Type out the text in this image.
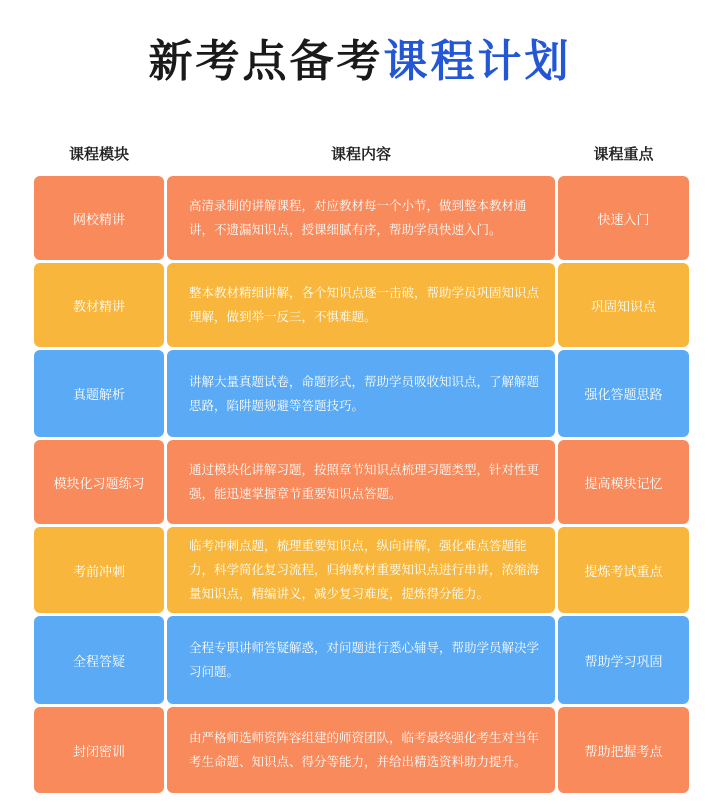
新考点备考课程计划
课程模块	课程内容	课程重点
网校精讲
高清录制的讲解课程，对应教材每一个小节，做到整本教材通讲，不遗漏知识点，授课细腻有序，帮助学员快速入门。
快速入门
教材精讲
整本教材精细讲解，各个知识点逐一击破，帮助学员巩固知识点理解，做到举一反三，不惧难题。
巩固知识点
真题解析
讲解大量真题试卷，命题形式，帮助学员吸收知识点，了解解题思路，陷阱题规避等答题技巧。
强化答题思路
模块化习题练习
通过模块化讲解习题，按照章节知识点梳理习题类型，针对性更强，能迅速掌握章节重要知识点答题。
提高模块记忆
考前冲刺
临考冲刺点题，梳理重要知识点，纵向讲解，强化难点答题能力，科学简化复习流程，归纳教材重要知识点进行串讲，浓缩海量知识点，精编讲义，减少复习难度，提炼得分能力。
提炼考试重点
全程答疑
全程专职讲师答疑解惑，对问题进行悉心辅导，帮助学员解决学习问题。
帮助学习巩固
封闭密训
由严格师选师资阵容组建的师资团队，临考最终强化考生对当年考生命题、知识点、得分等能力，并给出精选资料助力提升。
帮助把握考点
